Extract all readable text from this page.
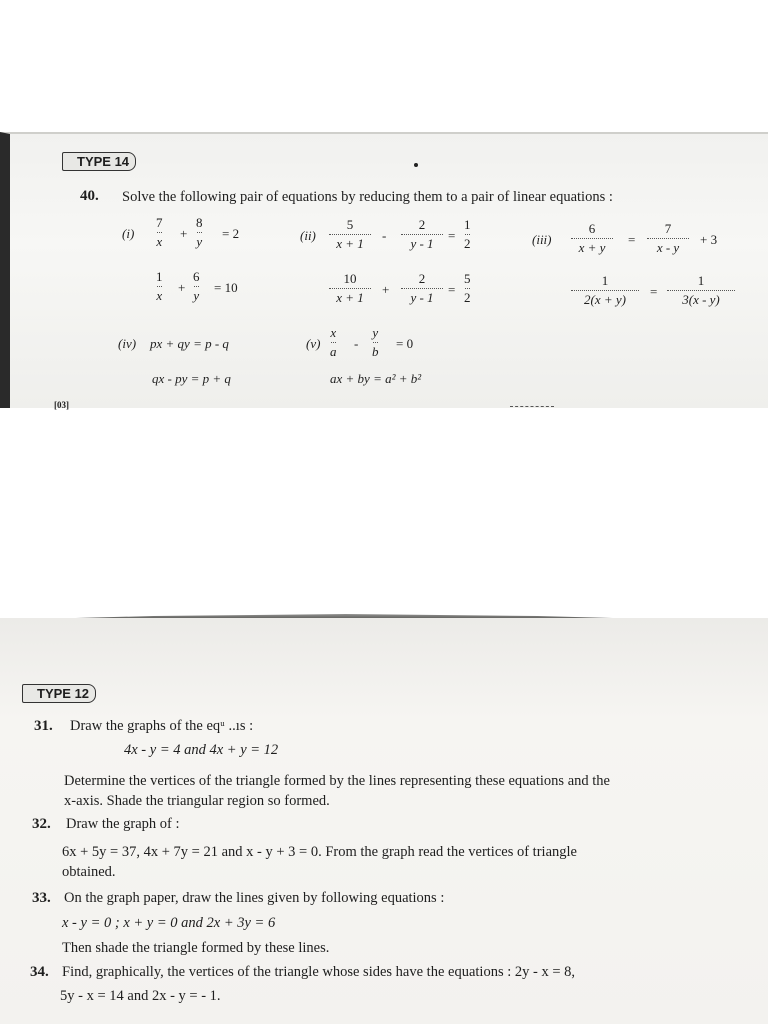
TYPE 14
40. Solve the following pair of equations by reducing them to a pair of linear equations :
(i)
7
x
+
8
y
= 2
1
x
+
6
y
= 10
(ii)
5
x + 1
-
2
y - 1
=
1
2
10
x + 1
+
2
y - 1
=
5
2
(iii)
6
x + y
=
7
x - y
+ 3
1
2(x + y)
=
1
3(x - y)
(iv) px + qy = p - q
qx - py = p + q
(v)
x
a
-
y
b
= 0
ax + by = a² + b²
[03]
TYPE 12
31. Draw the graphs of the eqᵘ ..ıs :
4x - y = 4 and 4x + y = 12
Determine the vertices of the triangle formed by the lines representing these equations and the
x-axis. Shade the triangular region so formed.
32. Draw the graph of :
6x + 5y = 37, 4x + 7y = 21 and x - y + 3 = 0. From the graph read the vertices of triangle
obtained.
33. On the graph paper, draw the lines given by following equations :
x - y = 0 ; x + y = 0 and 2x + 3y = 6
Then shade the triangle formed by these lines.
34. Find, graphically, the vertices of the triangle whose sides have the equations : 2y - x = 8,
5y - x = 14 and 2x - y = - 1.
